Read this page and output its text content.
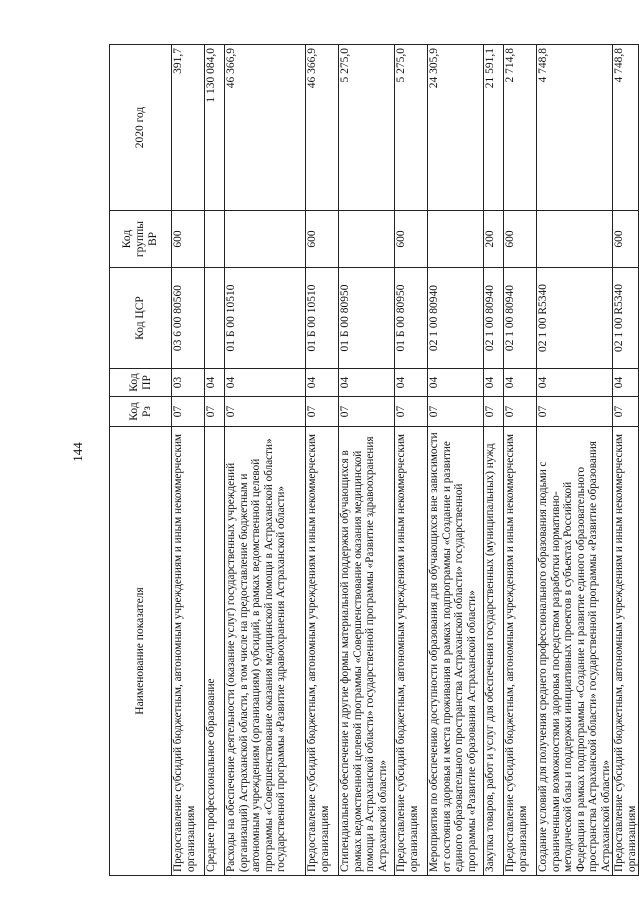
144
Наименование показателя	Код Рз	Код ПР	Код ЦСР	Код группы ВР	2020 год
Предоставление субсидий бюджетным, автономным учреждениям и иным некоммерческим организациям	07	03	03 6 00 80560	600	391,7
Среднее профессиональное образование	07	04			1 130 084,0
Расходы на обеспечение деятельности (оказание услуг) государственных учреждений (организаций) Астраханской области, в том числе на предоставление бюджетным и автономным учреждениям (организациям) субсидий, в рамках ведомственной целевой программы «Совершенствование оказания медицинской помощи в Астраханской области» государственной программы «Развитие здравоохранения Астраханской области»	07	04	01 Б 00 10510		46 366,9
Предоставление субсидий бюджетным, автономным учреждениям и иным некоммерческим организациям	07	04	01 Б 00 10510	600	46 366,9
Стипендиальное обеспечение и другие формы материальной поддержки обучающихся в рамках ведомственной целевой программы «Совершенствование оказания медицинской помощи в Астраханской области» государственной программы «Развитие здравоохранения Астраханской области»	07	04	01 Б 00 80950		5 275,0
Предоставление субсидий бюджетным, автономным учреждениям и иным некоммерческим организациям	07	04	01 Б 00 80950	600	5 275,0
Мероприятия по обеспечению доступности образования для обучающихся вне зависимости от состояния здоровья и места проживания в рамках подпрограммы «Создание и развитие единого образовательного пространства Астраханской области» государственной программы «Развитие образования Астраханской области»	07	04	02 1 00 80940		24 305,9
Закупка товаров, работ и услуг для обеспечения государственных (муниципальных) нужд	07	04	02 1 00 80940	200	21 591,1
Предоставление субсидий бюджетным, автономным учреждениям и иным некоммерческим организациям	07	04	02 1 00 80940	600	2 714,8
Создание условий для получения среднего профессионального образования людьми с ограниченными возможностями здоровья посредством разработки нормативно-методической базы и поддержки инициативных проектов в субъектах Российской Федерации в рамках подпрограммы «Создание и развитие единого образовательного пространства Астраханской области» государственной программы «Развитие образования Астраханской области»	07	04	02 1 00 R5340		4 748,8
Предоставление субсидий бюджетным, автономным учреждениям и иным некоммерческим организациям	07	04	02 1 00 R5340	600	4 748,8
